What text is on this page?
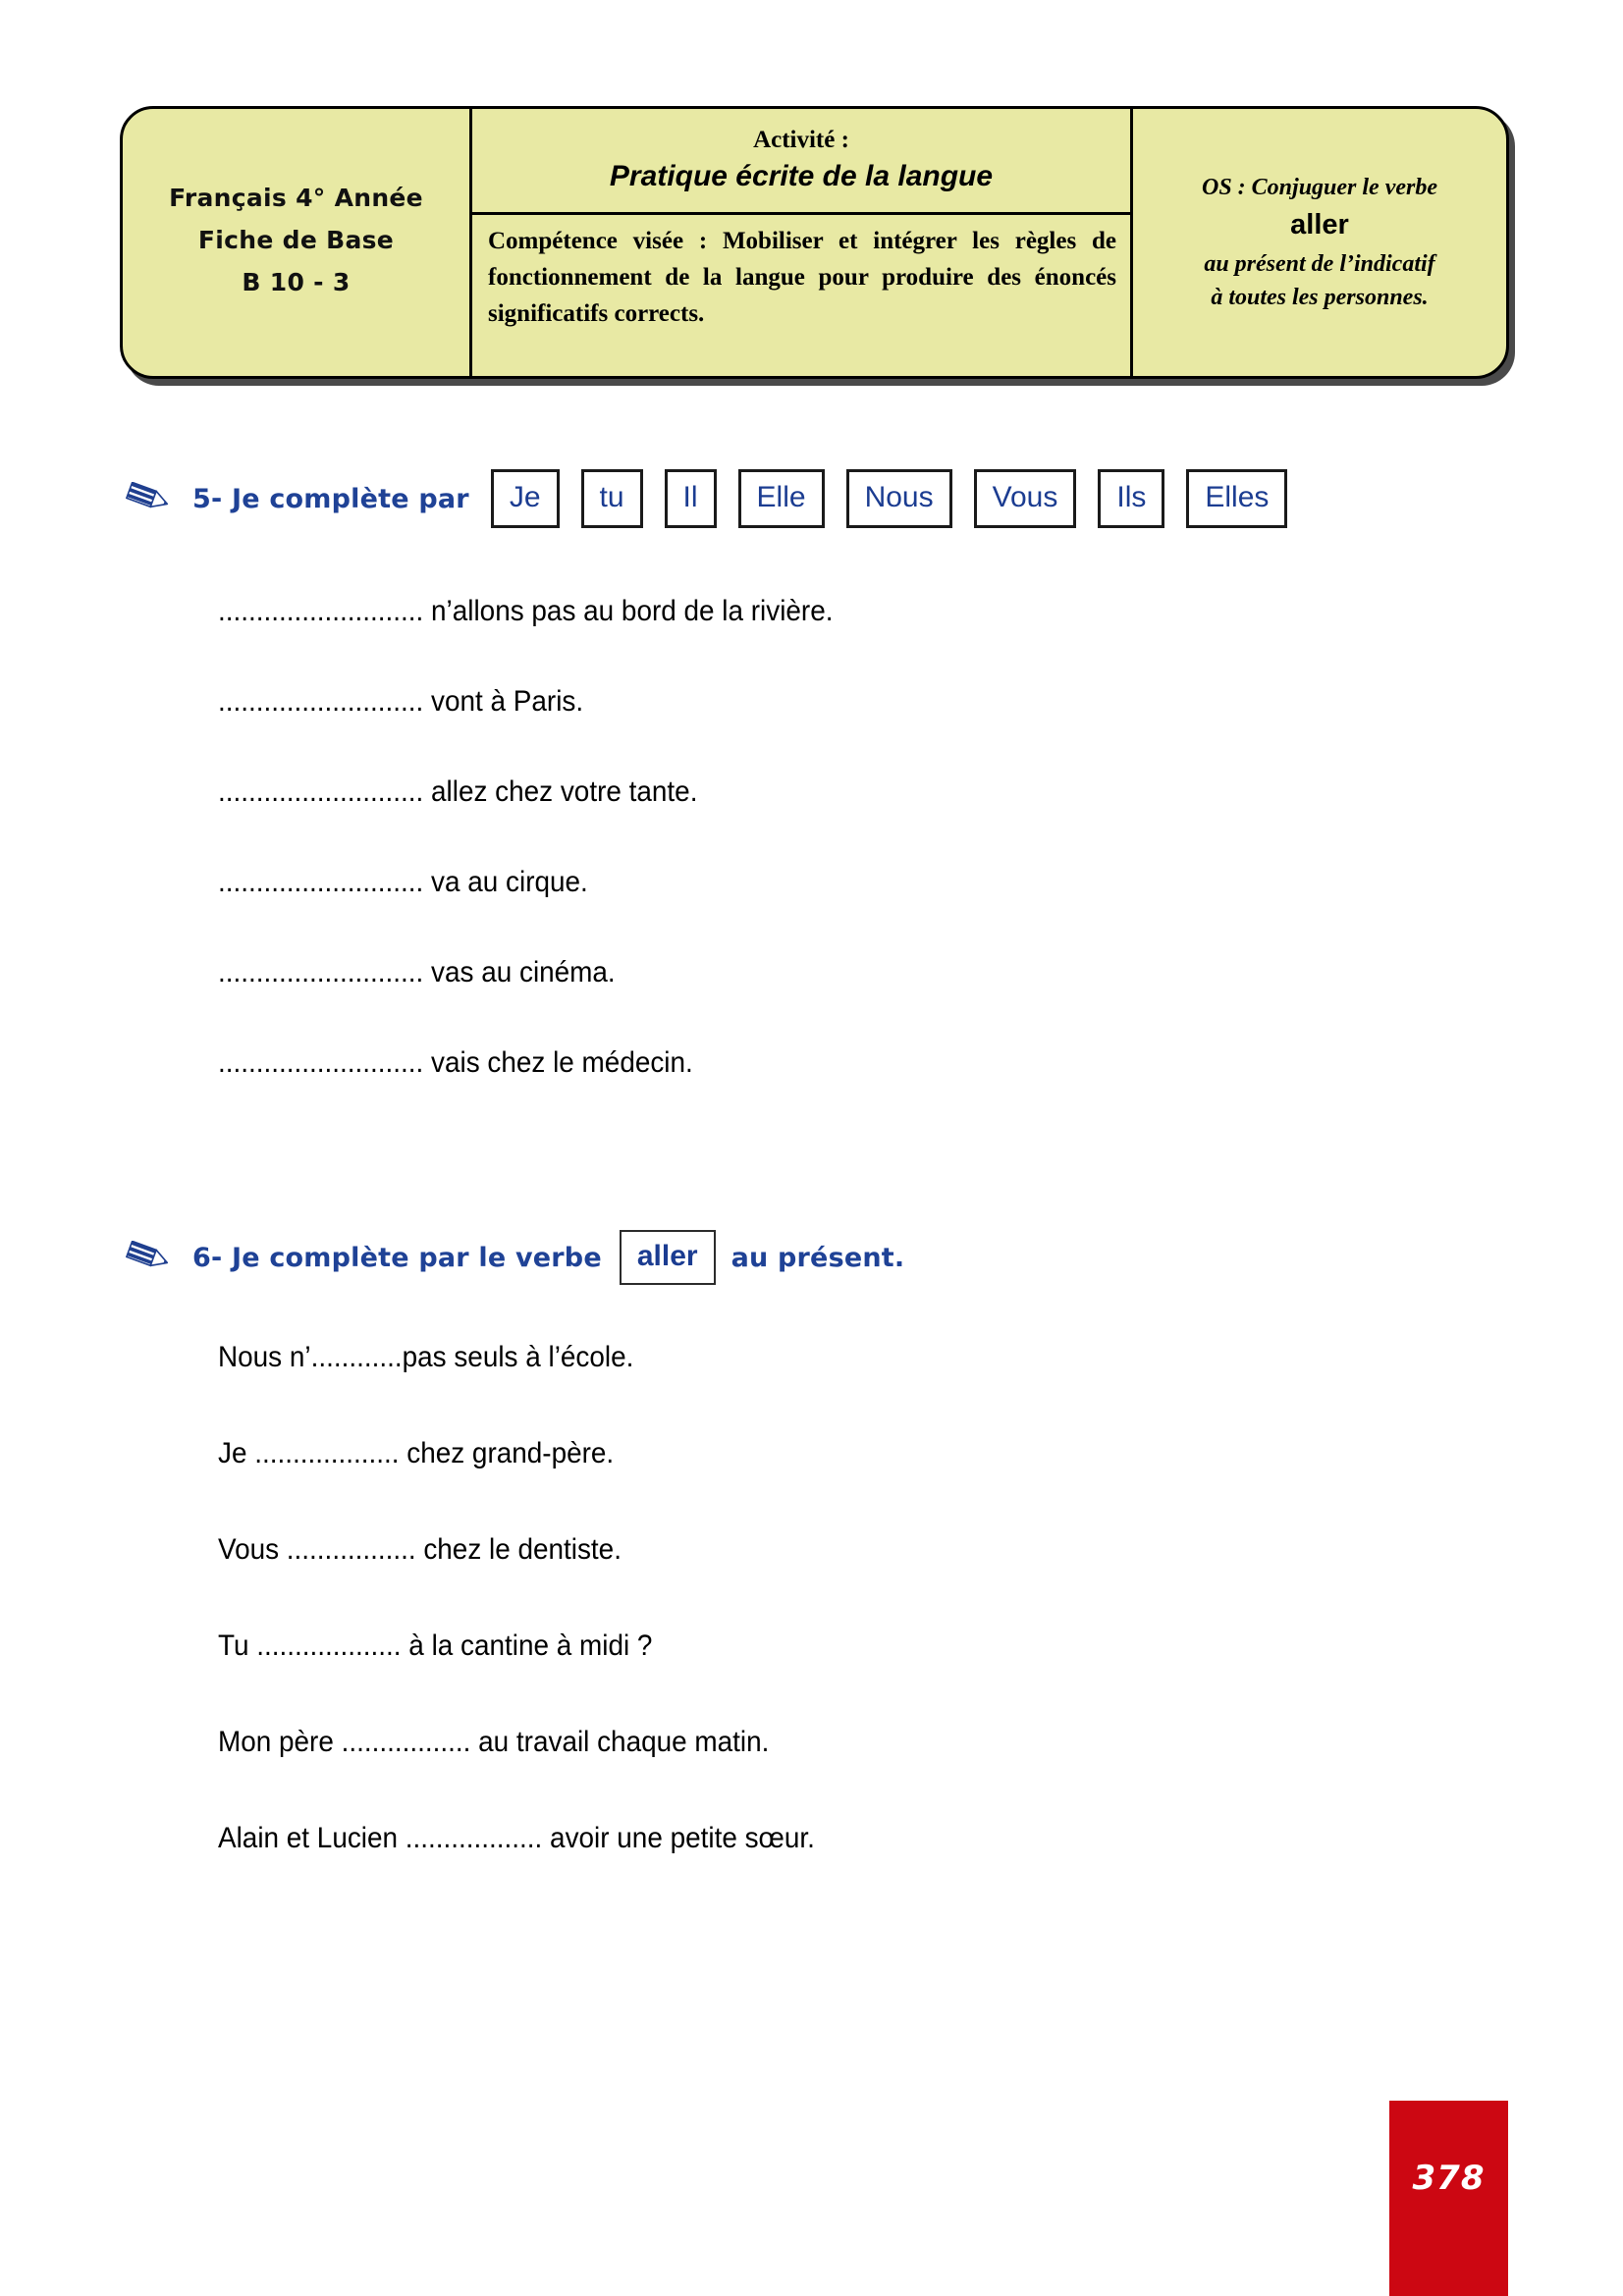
Français 4° Année
Fiche de Base
B 10 - 3
Activité :
Pratique écrite de la langue
Compétence visée : Mobiliser et intégrer les règles de fonctionnement de la langue pour produire des énoncés significatifs corrects.
OS : Conjuguer le verbe
aller
au présent de l’indicatif
à toutes les personnes.
5- Je complète par	Je	tu	Il	Elle	Nous	Vous	Ils	Elles
........................... n’allons pas au bord de la rivière.
........................... vont à Paris.
........................... allez chez votre tante.
........................... va au cirque.
........................... vas au cinéma.
........................... vais chez le médecin.
6- Je complète par le verbe	aller	au présent.
Nous n’............pas seuls à l’école.
Je ................... chez grand-père.
Vous ................. chez le dentiste.
Tu ................... à la cantine à midi ?
Mon père ................. au travail chaque matin.
Alain et Lucien .................. avoir une petite sœur.
378
